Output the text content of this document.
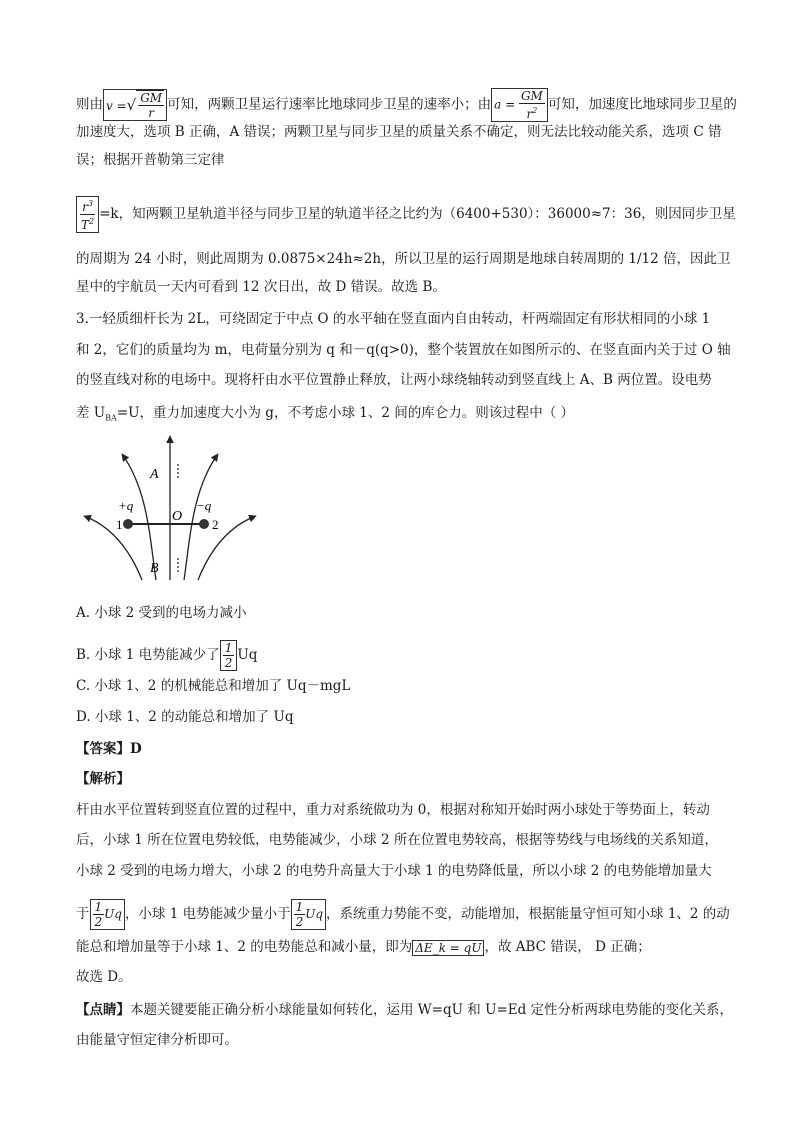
则由 v = √ $\frac{GM}{r}$ 可知，两颗卫星运行速率比地球同步卫星的速率小；由 $a = \frac{GM}{r^2}$ 可知，加速度比地球同步卫星的
加速度大，选项 B 正确，A 错误；两颗卫星与同步卫星的质量关系不确定，则无法比较动能关系，选项 C 错
误；根据开普勒第三定律
$\frac{r^3}{T^2} =k$，知两颗卫星轨道半径与同步卫星的轨道半径之比约为（6400+530）：36000≈7：36，则因同步卫星
的周期为 24 小时，则此周期为 0.0875×24h≈2h，所以卫星的运行周期是地球自转周期的 1/12 倍，因此卫
星中的宇航员一天内可看到 12 次日出，故 D 错误。故选 B。
3.一轻质细杆长为 2L，可绕固定于中点 O 的水平轴在竖直面内自由转动，杆两端固定有形状相同的小球 1
和 2，它们的质量均为 m，电荷量分别为 q 和－q(q>0)，整个装置放在如图所示的、在竖直面内关于过 O 轴
的竖直线对称的电场中。现将杆由水平位置静止释放，让两小球绕轴转动到竖直线上 A、B 两位置。设电势
差 $U_{BA}=U$，重力加速度大小为 g，不考虑小球 1、2 间的库仑力。则该过程中（ ）
A
B
O
+q	−q
1	2
A. 小球 2 受到的电场力减小
B. 小球 1 电势能减少了 $\frac{1}{2}$ Uq
C. 小球 1、2 的机械能总和增加了 Uq－mgL
D. 小球 1、2 的动能总和增加了 Uq
【答案】D
【解析】
杆由水平位置转到竖直位置的过程中，重力对系统做功为 0，根据对称知开始时两小球处于等势面上，转动
后，小球 1 所在位置电势较低，电势能减少，小球 2 所在位置电势较高，根据等势线与电场线的关系知道，
小球 2 受到的电场力增大，小球 2 的电势升高量大于小球 1 的电势降低量，所以小球 2 的电势能增加量大
于 $\frac{1}{2}$ Uq ，小球 1 电势能减少量小于 $\frac{1}{2}$ Uq ，系统重力势能不变，动能增加，根据能量守恒可知小球 1、2 的动
能总和增加量等于小球 1、2 的电势能总和减小量，即为 ΔE_k = qU ，故 ABC 错误， D 正确；
故选 D。
【点睛】本题关键要能正确分析小球能量如何转化，运用 W=qU 和 U=Ed 定性分析两球电势能的变化关系，
由能量守恒定律分析即可。
